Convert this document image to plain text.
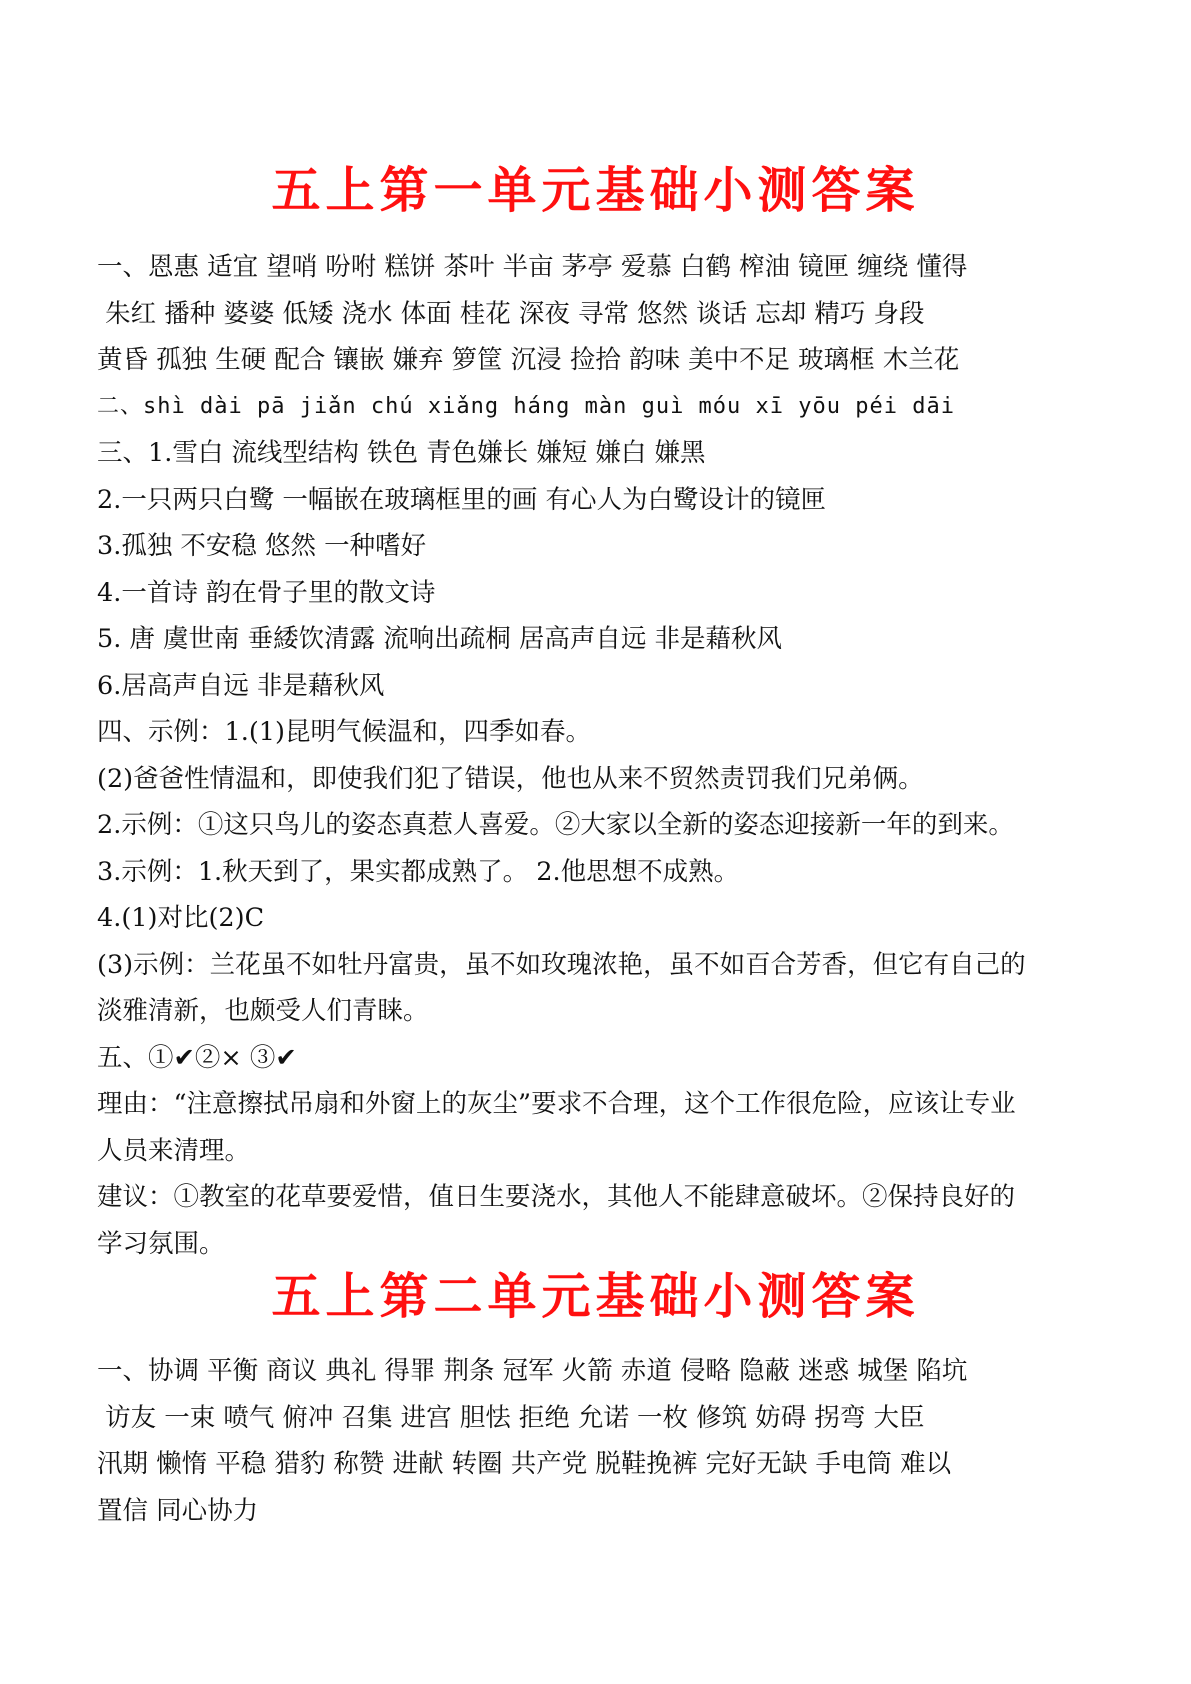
五上第一单元基础小测答案
一、恩惠 适宜 望哨 吩咐 糕饼 茶叶 半亩 茅亭 爱慕 白鹤 榨油 镜匣 缠绕 懂得
朱红 播种 婆婆 低矮 浇水 体面 桂花 深夜 寻常 悠然 谈话 忘却 精巧 身段
黄昏 孤独 生硬 配合 镶嵌 嫌弃 箩筐 沉浸 捡拾 韵味 美中不足 玻璃框 木兰花
二、shì dài pā jiǎn chú xiǎng háng màn guì móu xī yōu péi dāi
三、1.雪白 流线型结构 铁色 青色嫌长 嫌短 嫌白 嫌黑
2.一只两只白鹭 一幅嵌在玻璃框里的画 有心人为白鹭设计的镜匣
3.孤独 不安稳 悠然 一种嗜好
4.一首诗 韵在骨子里的散文诗
5. 唐 虞世南 垂緌饮清露 流响出疏桐 居高声自远 非是藉秋风
6.居高声自远 非是藉秋风
四、示例：1.(1)昆明气候温和，四季如春。
(2)爸爸性情温和，即使我们犯了错误，他也从来不贸然责罚我们兄弟俩。
2.示例：①这只鸟儿的姿态真惹人喜爱。②大家以全新的姿态迎接新一年的到来。
3.示例：1.秋天到了，果实都成熟了。 2.他思想不成熟。
4.(1)对比(2)C
(3)示例：兰花虽不如牡丹富贵，虽不如玫瑰浓艳，虽不如百合芳香，但它有自己的
淡雅清新，也颇受人们青睐。
五、①✔②× ③✔
理由：“注意擦拭吊扇和外窗上的灰尘”要求不合理，这个工作很危险，应该让专业
人员来清理。
建议：①教室的花草要爱惜，值日生要浇水，其他人不能肆意破坏。②保持良好的
学习氛围。
五上第二单元基础小测答案
一、协调 平衡 商议 典礼 得罪 荆条 冠军 火箭 赤道 侵略 隐蔽 迷惑 城堡 陷坑
访友 一束 喷气 俯冲 召集 进宫 胆怯 拒绝 允诺 一枚 修筑 妨碍 拐弯 大臣
汛期 懒惰 平稳 猎豹 称赞 进献 转圈 共产党 脱鞋挽裤 完好无缺 手电筒 难以
置信 同心协力
